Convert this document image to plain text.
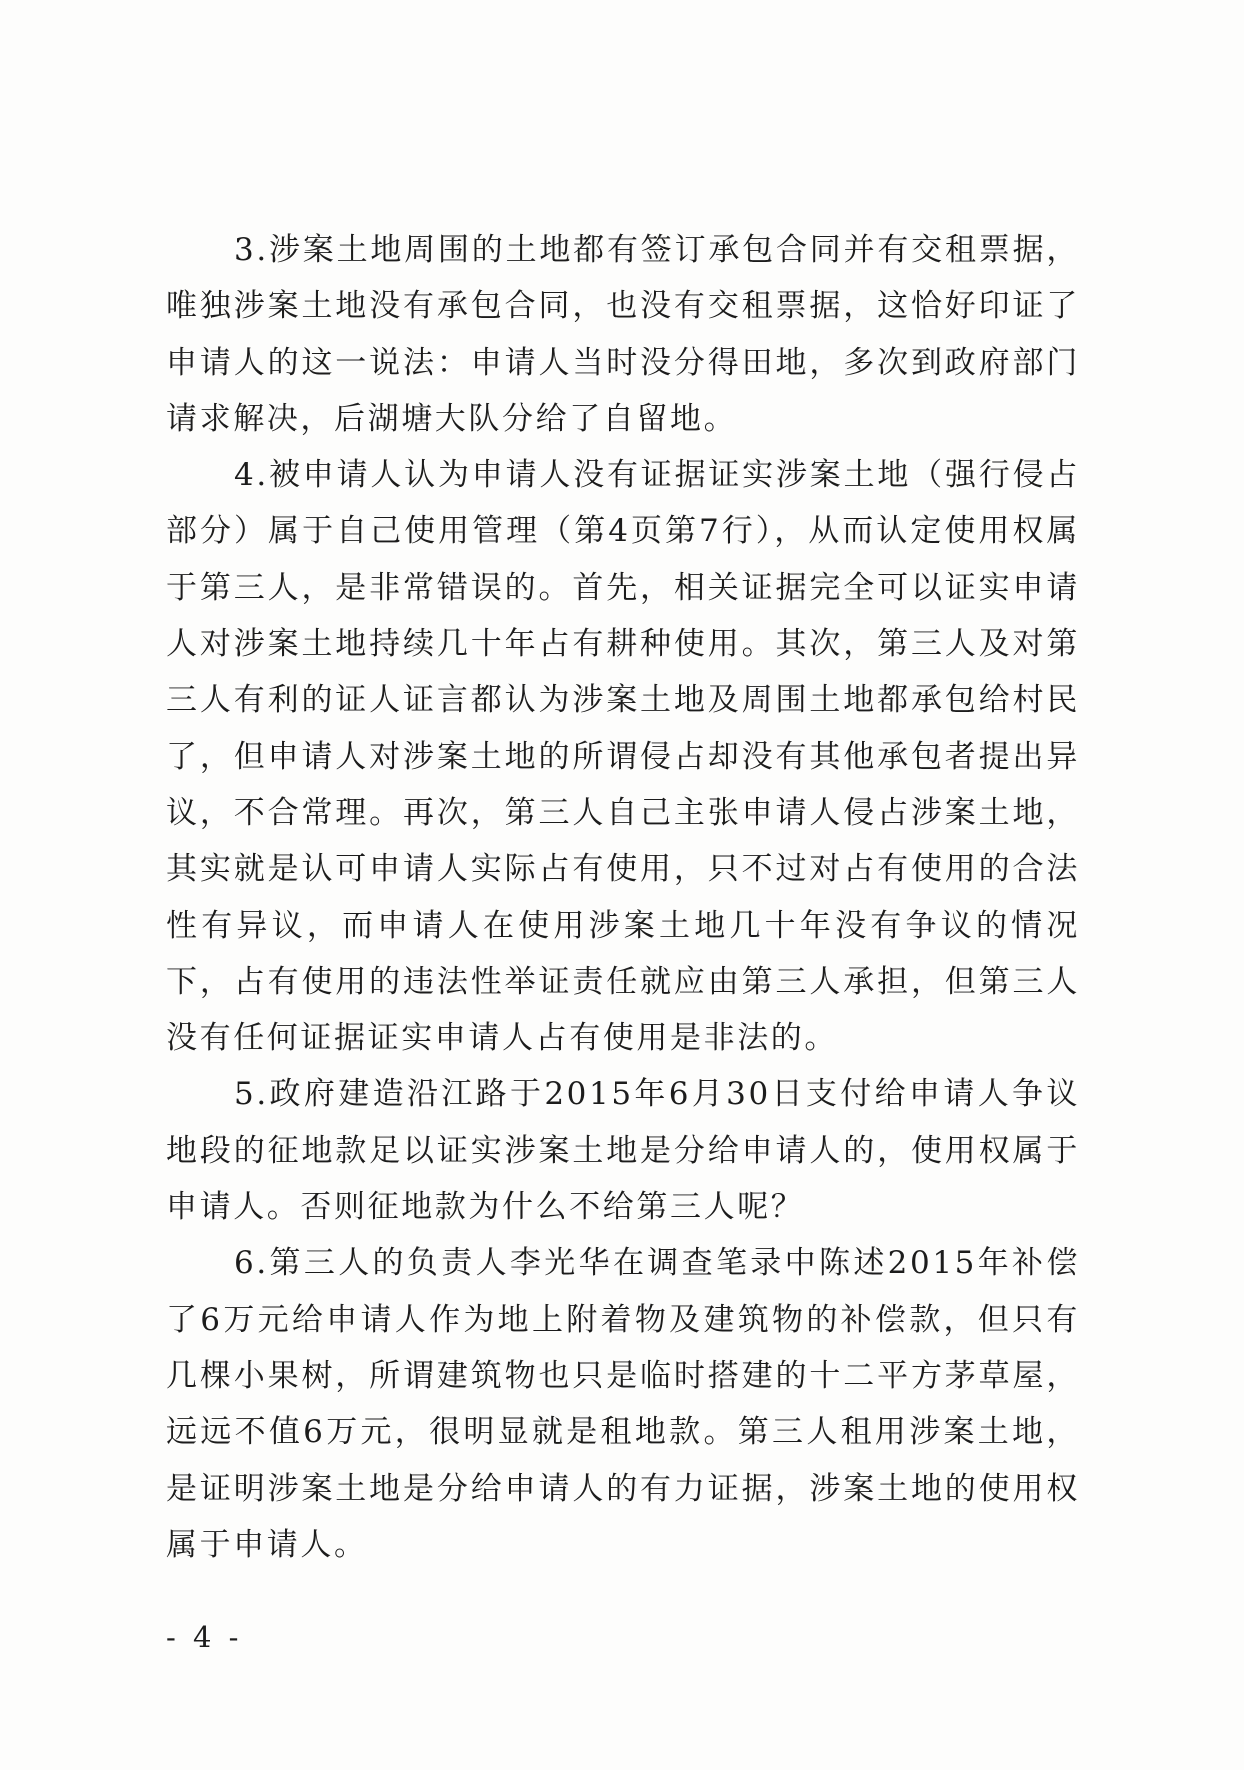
3.涉案土地周围的土地都有签订承包合同并有交租票据，唯独涉案土地没有承包合同，也没有交租票据，这恰好印证了申请人的这一说法：申请人当时没分得田地，多次到政府部门请求解决，后湖塘大队分给了自留地。

4.被申请人认为申请人没有证据证实涉案土地（强行侵占部分）属于自己使用管理（第4页第7行），从而认定使用权属于第三人，是非常错误的。首先，相关证据完全可以证实申请人对涉案土地持续几十年占有耕种使用。其次，第三人及对第三人有利的证人证言都认为涉案土地及周围土地都承包给村民了，但申请人对涉案土地的所谓侵占却没有其他承包者提出异议，不合常理。再次，第三人自己主张申请人侵占涉案土地，其实就是认可申请人实际占有使用，只不过对占有使用的合法性有异议，而申请人在使用涉案土地几十年没有争议的情况下，占有使用的违法性举证责任就应由第三人承担，但第三人没有任何证据证实申请人占有使用是非法的。

5.政府建造沿江路于2015年6月30日支付给申请人争议地段的征地款足以证实涉案土地是分给申请人的，使用权属于申请人。否则征地款为什么不给第三人呢？

6.第三人的负责人李光华在调查笔录中陈述2015年补偿了6万元给申请人作为地上附着物及建筑物的补偿款，但只有几棵小果树，所谓建筑物也只是临时搭建的十二平方茅草屋，远远不值6万元，很明显就是租地款。第三人租用涉案土地，是证明涉案土地是分给申请人的有力证据，涉案土地的使用权属于申请人。

- 4 -
